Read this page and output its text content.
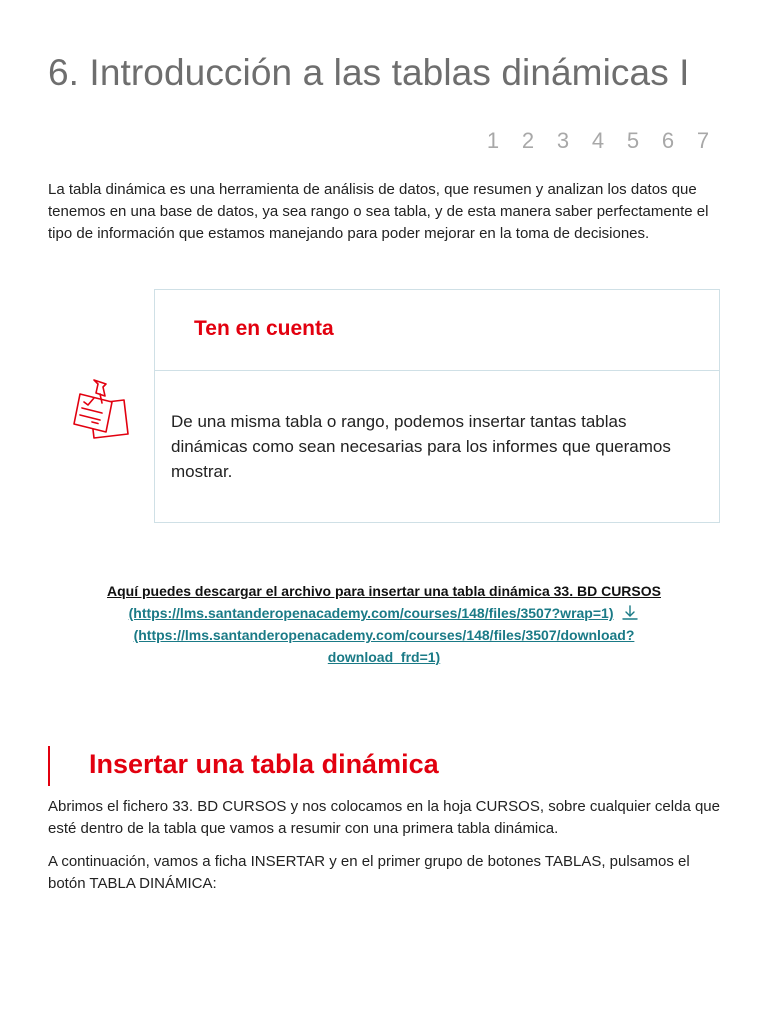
6. Introducción a las tablas dinámicas I
1	2	3	4	5	6	7

La tabla dinámica es una herramienta de análisis de datos, que resumen y analizan los datos que tenemos en una base de datos, ya sea rango o sea tabla, y de esta manera saber perfectamente el tipo de información que estamos manejando para poder mejorar en la toma de decisiones.

Ten en cuenta

De una misma tabla o rango, podemos insertar tantas tablas dinámicas como sean necesarias para los informes que queramos mostrar.

Aquí puedes descargar el archivo para insertar una tabla dinámica 33. BD CURSOS (https://lms.santanderopenacademy.com/courses/148/files/3507?wrap=1)
(https://lms.santanderopenacademy.com/courses/148/files/3507/download?download_frd=1)
Insertar una tabla dinámica

Abrimos el fichero 33. BD CURSOS y nos colocamos en la hoja CURSOS, sobre cualquier celda que esté dentro de la tabla que vamos a resumir con una primera tabla dinámica.

A continuación, vamos a ficha INSERTAR y en el primer grupo de botones TABLAS, pulsamos el botón TABLA DINÁMICA:
